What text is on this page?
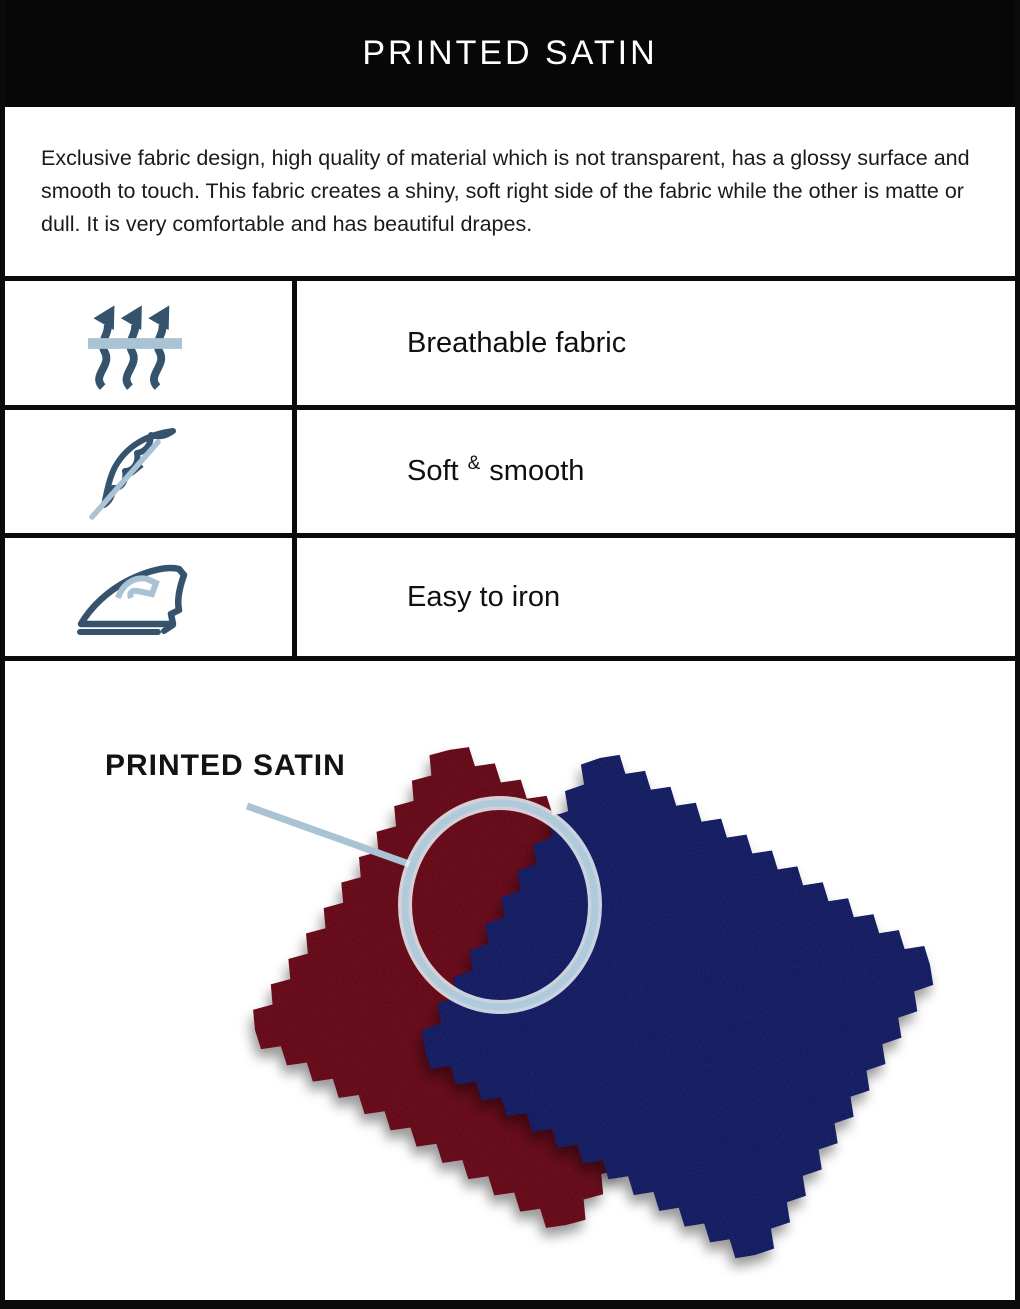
PRINTED SATIN

Exclusive fabric design, high quality of material which is not transparent, has a glossy surface and smooth to touch. This fabric creates a shiny, soft right side of the fabric while the other is matte or dull. It is very comfortable and has beautiful drapes.

Breathable fabric
Soft & smooth
Easy to iron
PRINTED SATIN
